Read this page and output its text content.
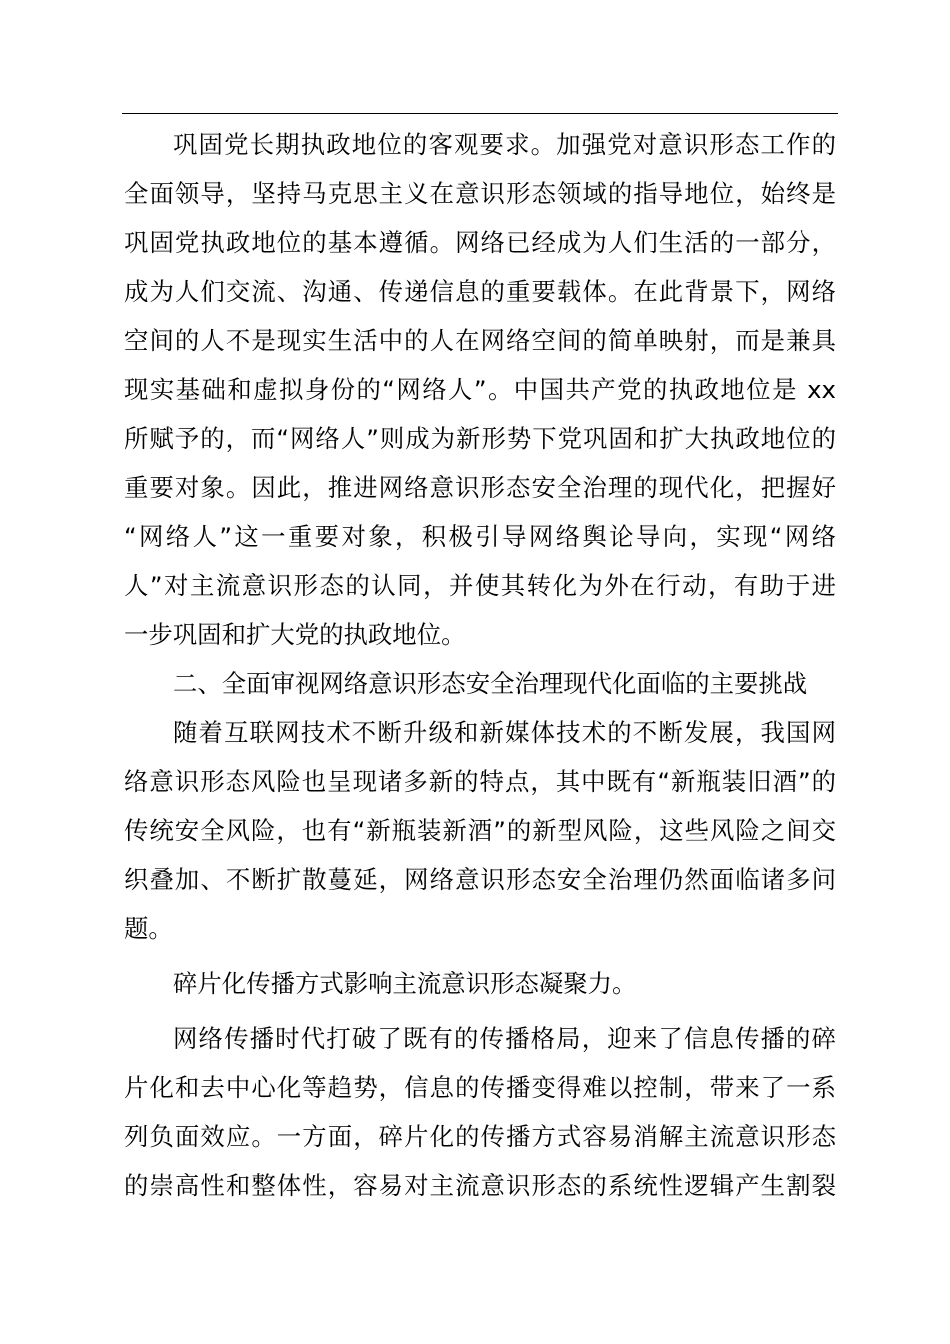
巩固党长期执政地位的客观要求。加强党对意识形态工作的
全面领导，坚持马克思主义在意识形态领域的指导地位，始终是
巩固党执政地位的基本遵循。网络已经成为人们生活的一部分，
成为人们交流、沟通、传递信息的重要载体。在此背景下，网络
空间的人不是现实生活中的人在网络空间的简单映射，而是兼具
现实基础和虚拟身份的“网络人”。中国共产党的执政地位是 xx
所赋予的，而“网络人”则成为新形势下党巩固和扩大执政地位的
重要对象。因此，推进网络意识形态安全治理的现代化，把握好
“网络人”这一重要对象，积极引导网络舆论导向，实现“网络
人”对主流意识形态的认同，并使其转化为外在行动，有助于进
一步巩固和扩大党的执政地位。
二、全面审视网络意识形态安全治理现代化面临的主要挑战
随着互联网技术不断升级和新媒体技术的不断发展，我国网
络意识形态风险也呈现诸多新的特点，其中既有“新瓶装旧酒”的
传统安全风险，也有“新瓶装新酒”的新型风险，这些风险之间交
织叠加、不断扩散蔓延，网络意识形态安全治理仍然面临诸多问
题。
碎片化传播方式影响主流意识形态凝聚力。
网络传播时代打破了既有的传播格局，迎来了信息传播的碎
片化和去中心化等趋势，信息的传播变得难以控制，带来了一系
列负面效应。一方面，碎片化的传播方式容易消解主流意识形态
的崇高性和整体性，容易对主流意识形态的系统性逻辑产生割裂
